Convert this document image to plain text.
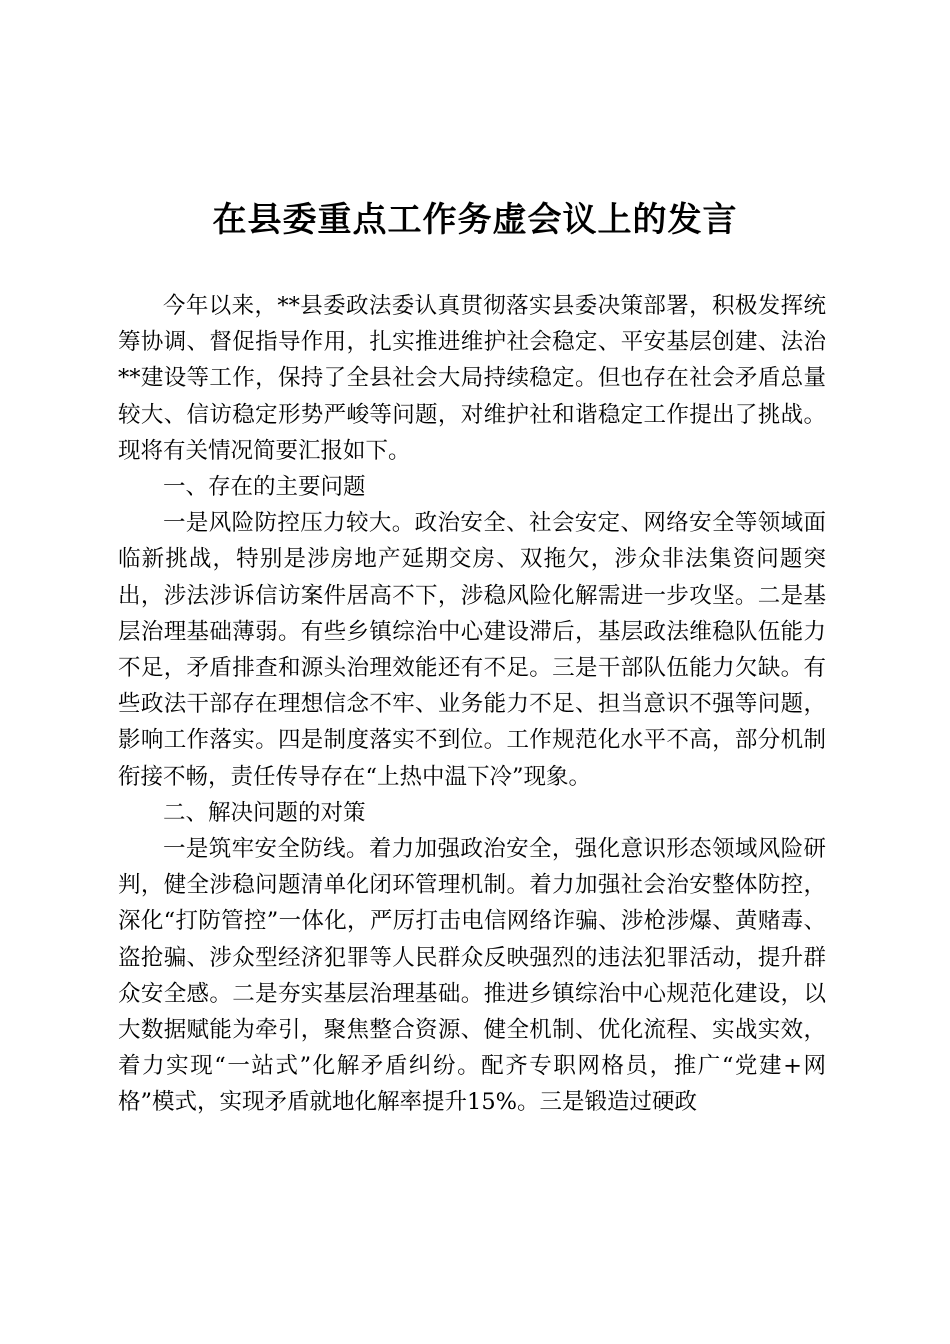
在县委重点工作务虚会议上的发言

今年以来，**县委政法委认真贯彻落实县委决策部署，积极发挥统筹协调、督促指导作用，扎实推进维护社会稳定、平安基层创建、法治**建设等工作，保持了全县社会大局持续稳定。但也存在社会矛盾总量较大、信访稳定形势严峻等问题，对维护社和谐稳定工作提出了挑战。现将有关情况简要汇报如下。

一、存在的主要问题

一是风险防控压力较大。政治安全、社会安定、网络安全等领域面临新挑战，特别是涉房地产延期交房、双拖欠，涉众非法集资问题突出，涉法涉诉信访案件居高不下，涉稳风险化解需进一步攻坚。二是基层治理基础薄弱。有些乡镇综治中心建设滞后，基层政法维稳队伍能力不足，矛盾排查和源头治理效能还有不足。三是干部队伍能力欠缺。有些政法干部存在理想信念不牢、业务能力不足、担当意识不强等问题，影响工作落实。四是制度落实不到位。工作规范化水平不高，部分机制衔接不畅，责任传导存在“上热中温下冷”现象。

二、解决问题的对策

一是筑牢安全防线。着力加强政治安全，强化意识形态领域风险研判，健全涉稳问题清单化闭环管理机制。着力加强社会治安整体防控，深化“打防管控”一体化，严厉打击电信网络诈骗、涉枪涉爆、黄赌毒、盗抢骗、涉众型经济犯罪等人民群众反映强烈的违法犯罪活动，提升群众安全感。二是夯实基层治理基础。推进乡镇综治中心规范化建设，以大数据赋能为牵引，聚焦整合资源、健全机制、优化流程、实战实效，着力实现“一站式”化解矛盾纠纷。配齐专职网格员，推广“党建+网格”模式，实现矛盾就地化解率提升15%。三是锻造过硬政
